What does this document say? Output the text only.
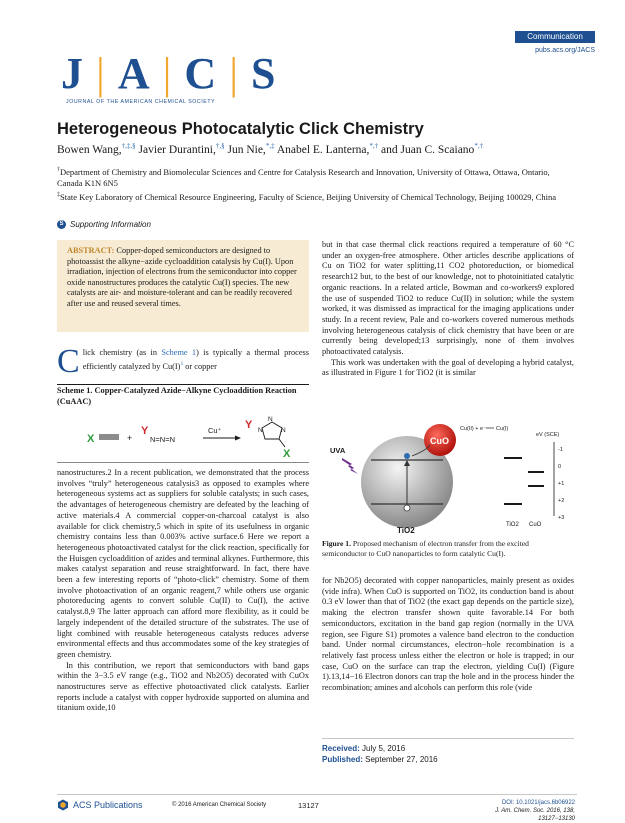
J | A | C | S
JOURNAL OF THE AMERICAN CHEMICAL SOCIETY
Communication
pubs.acs.org/JACS
Heterogeneous Photocatalytic Click Chemistry
Bowen Wang,†,‡,§ Javier Durantini,†,§ Jun Nie,*,‡ Anabel E. Lanterna,*,† and Juan C. Scaiano*,†
†Department of Chemistry and Biomolecular Sciences and Centre for Catalysis Research and Innovation, University of Ottawa, Ottawa, Ontario, Canada K1N 6N5
‡State Key Laboratory of Chemical Resource Engineering, Faculty of Science, Beijing University of Chemical Technology, Beijing 100029, China
S Supporting Information
ABSTRACT: Copper-doped semiconductors are designed to photoassist the alkyne−azide cycloaddition catalysis by Cu(I). Upon irradiation, injection of electrons from the semiconductor into copper oxide nanostructures produces the catalytic Cu(I) species. The new catalysts are air- and moisture-tolerant and can be readily recovered after use and reused several times.
Click chemistry (as in Scheme 1) is typically a thermal process efficiently catalyzed by $Cu(I)^1$ or copper
Scheme 1. Copper-Catalyzed Azide−Alkyne Cycloaddition Reaction (CuAAC)
X	+
Y
N=N=N
Cu⁺ Y N
N
N
X

nanostructures.2 In a recent publication, we demonstrated that the process involves “truly” heterogeneous catalysis3 as opposed to examples where heterogeneous systems act as suppliers for soluble catalysts; in such cases, the advantages of heterogeneous chemistry are defeated by the leaching of active materials.4 A commercial copper-on-charcoal catalyst is also available for click chemistry,5 which in spite of its usefulness in organic chemistry contains less than 0.003% active surface.6 Here we report a heterogeneous photoactivated catalyst for the click reaction, specifically for the Huisgen cycloaddition of azides and terminal alkynes. Furthermore, this makes catalyst separation and reuse straightforward. In fact, there have been a few interesting reports of “photo-click” chemistry. Some of them involve photoactivation of an organic reagent,7 while others use organic photoreducing agents to convert soluble Cu(II) to Cu(I), the active catalyst.8,9 The latter approach can afford more flexibility, as it could be largely independent of the detailed structure of the substrates. The use of light combined with reusable heterogeneous catalysts reduces adverse environmental effects and thus accommodates some of the key strategies of green chemistry.

In this contribution, we report that semiconductors with band gaps within the 3−3.5 eV range (e.g., TiO2 and Nb2O5) decorated with CuOx nanostructures serve as effective photoactivated click catalysts. Earlier reports include a catalyst with copper hydroxide supported on alumina and titanium oxide,10

but in that case thermal click reactions required a temperature of 60 °C under an oxygen-free atmosphere. Other articles describe applications of Cu on TiO2 for water splitting,11 CO2 photoreduction, or biomedical research12 but, to the best of our knowledge, not to photoinitiated catalytic organic reactions. In a related article, Bowman and co-workers9 explored the use of suspended TiO2 to reduce Cu(II) in solution; while the system worked, it was dismissed as impractical for the imaging applications under study. In a recent review, Pale and co-workers covered numerous methods involving heterogeneous catalysis of click chemistry that have been or are currently being developed;13 surprisingly, none of them involves photoactivated catalysis.

This work was undertaken with the goal of developing a hybrid catalyst, as illustrated in Figure 1 for TiO2 (it is similar

CuO
Cu(II) + e⁻ Cu(I)
UVA
TiO2
eV (SCE)
-1
0
+1
+2
+3
TiO2 CuO
Figure 1. Proposed mechanism of electron transfer from the excited semiconductor to CuO nanoparticles to form catalytic Cu(I).

for Nb2O5) decorated with copper nanoparticles, mainly present as oxides (vide infra). When CuO is supported on TiO2, its conduction band is about 0.3 eV lower than that of TiO2 (the exact gap depends on the particle size), making the electron transfer shown quite favorable.14 For both semiconductors, excitation in the band gap region (normally in the UVA region, see Figure S1) promotes a valence band electron to the conduction band. Under normal circumstances, electron−hole recombination is a relatively fast process unless either the electron or hole is trapped; in our case, CuO on the surface can trap the electron, yielding Cu(I) (Figure 1).13,14−16 Electron donors can trap the hole and in the process hinder the recombination; amines and alcohols can perform this role (vide

Received: July 5, 2016
Published: September 27, 2016
ACS Publications	© 2016 American Chemical Society	13127	DOI: 10.1021/jacs.6b06922
J. Am. Chem. Soc. 2016, 138, 13127−13130
